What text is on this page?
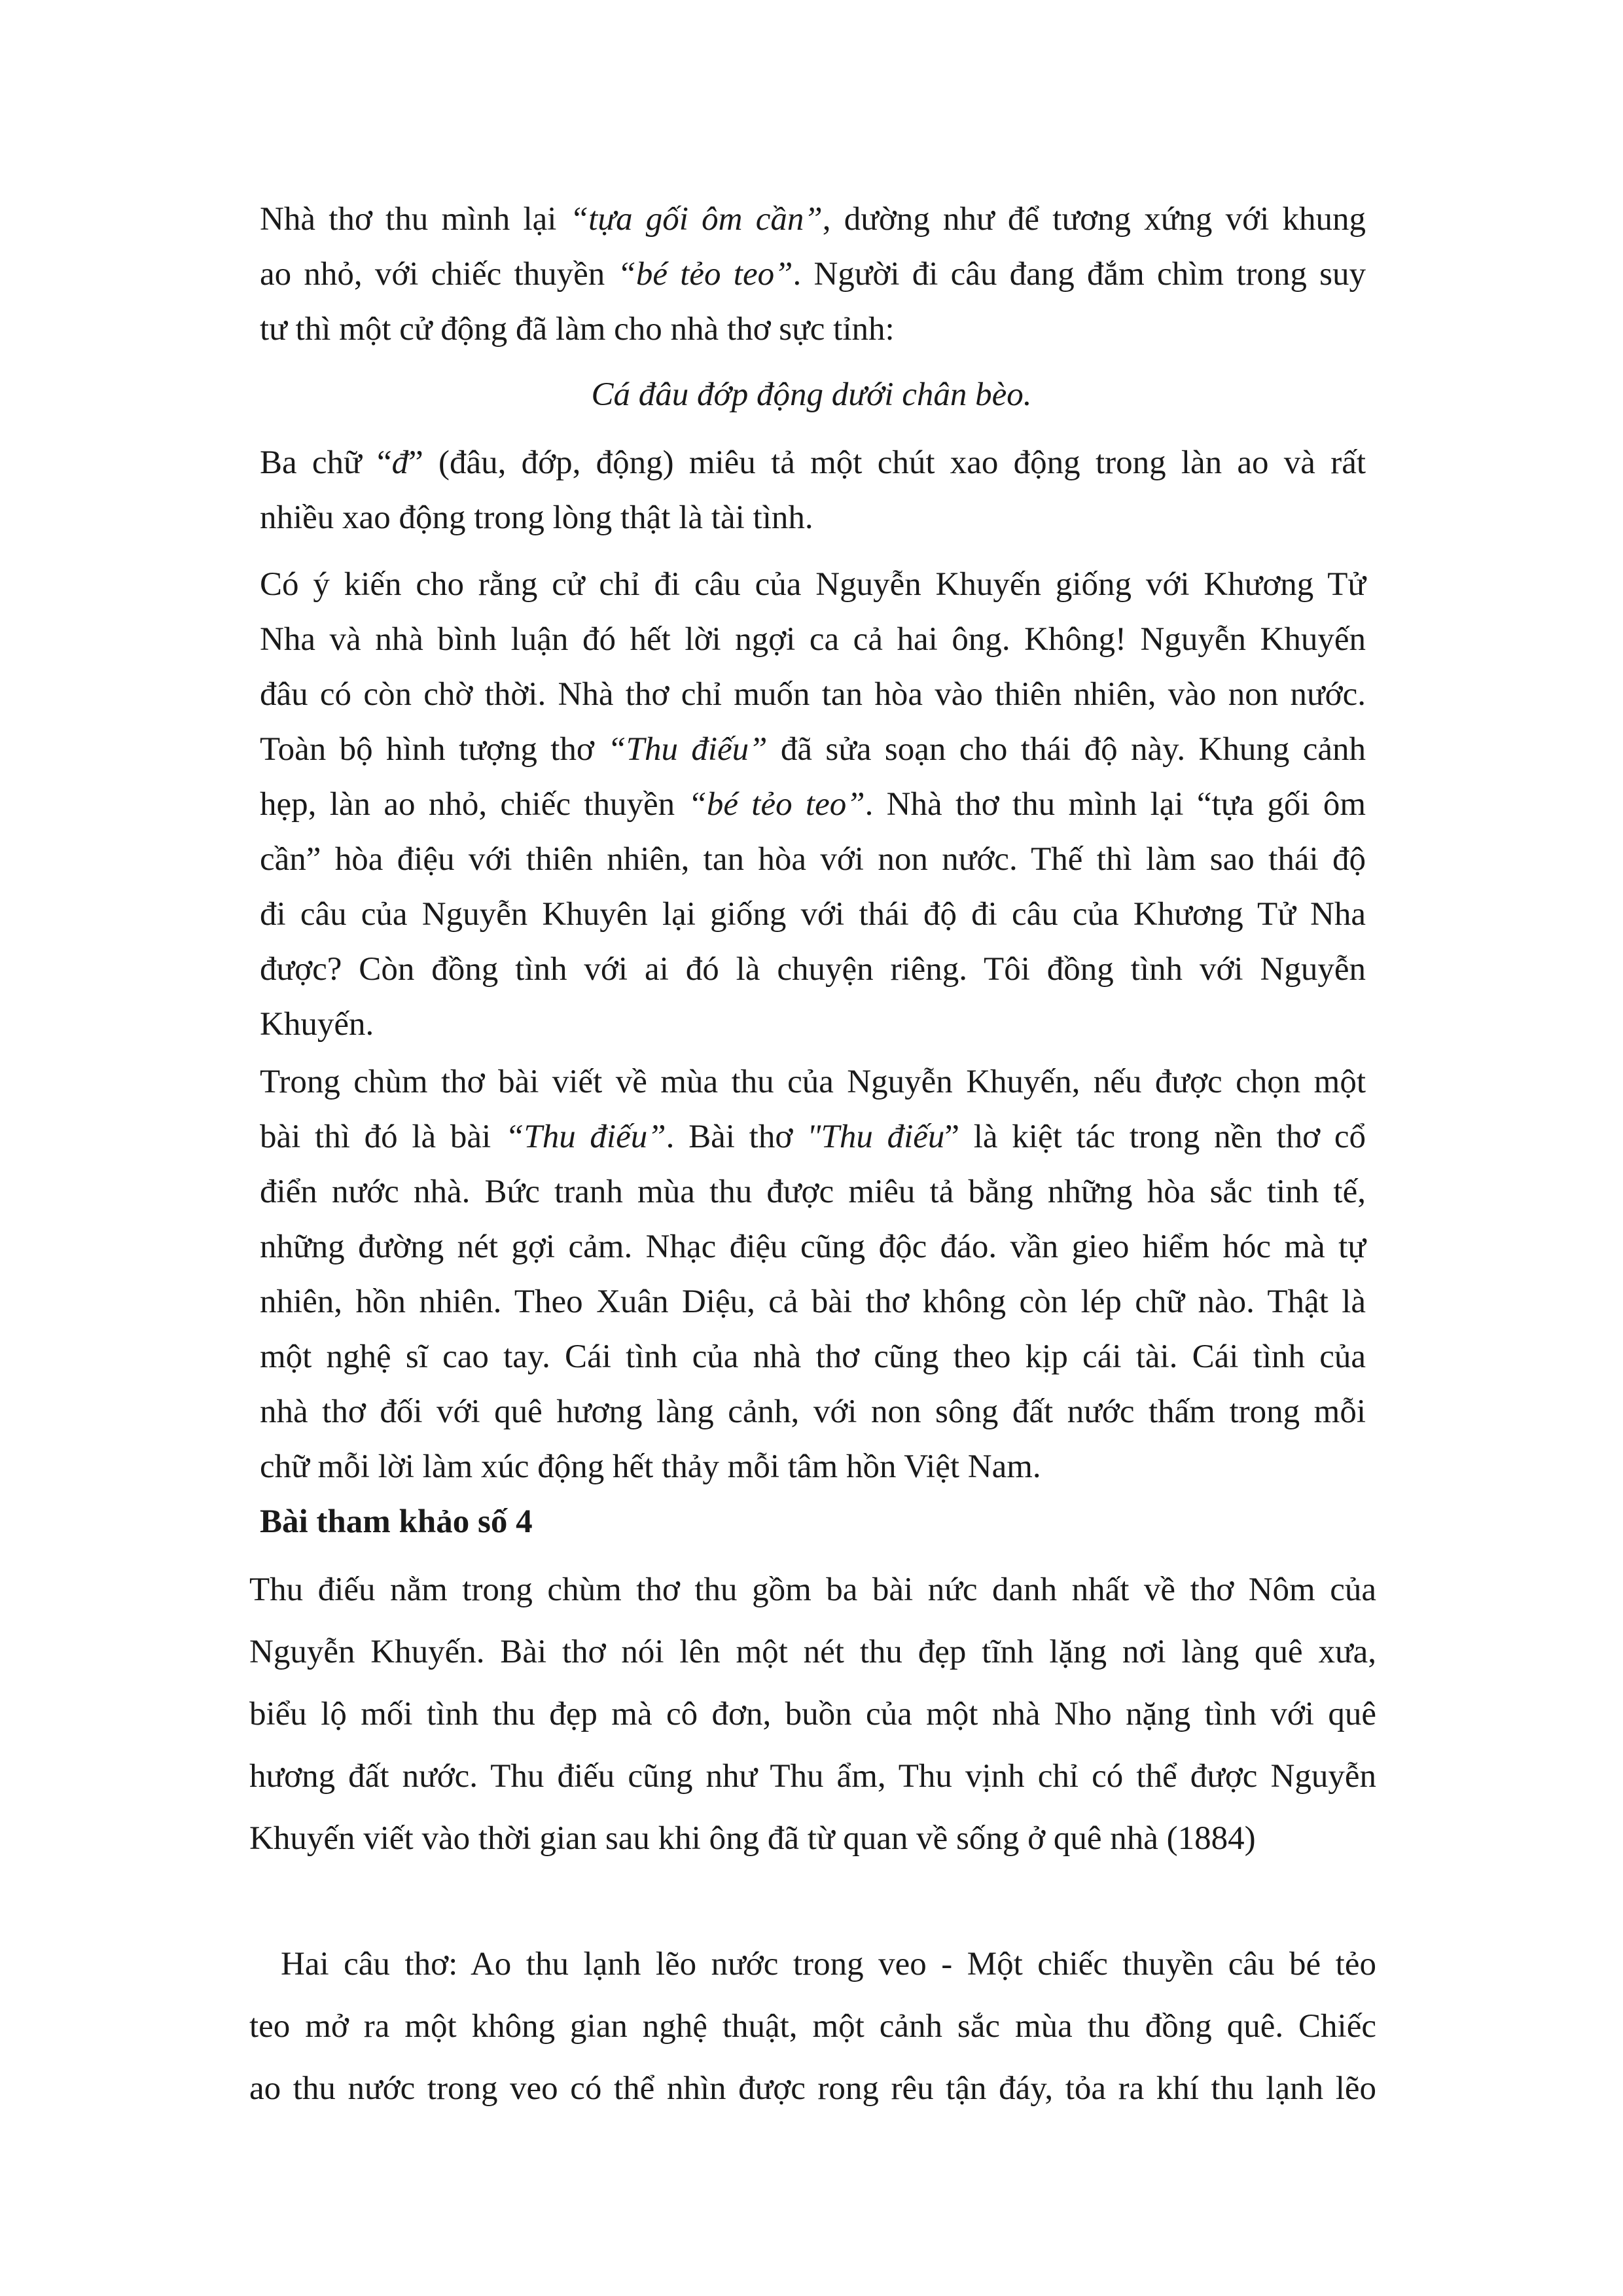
Nhà thơ thu mình lại “tựa gối ôm cần”, dường như để tương xứng với khung
ao nhỏ, với chiếc thuyền “bé tẻo teo”. Người đi câu đang đắm chìm trong suy
tư thì một cử động đã làm cho nhà thơ sực tỉnh:
Cá đâu đớp động dưới chân bèo.
Ba chữ “đ” (đâu, đớp, động) miêu tả một chút xao động trong làn ao và rất
nhiều xao động trong lòng thật là tài tình.
Có ý kiến cho rằng cử chỉ đi câu của Nguyễn Khuyến giống với Khương Tử
Nha và nhà bình luận đó hết lời ngợi ca cả hai ông. Không! Nguyễn Khuyến
đâu có còn chờ thời. Nhà thơ chỉ muốn tan hòa vào thiên nhiên, vào non nước.
Toàn bộ hình tượng thơ “Thu điếu” đã sửa soạn cho thái độ này. Khung cảnh
hẹp, làn ao nhỏ, chiếc thuyền “bé tẻo teo”. Nhà thơ thu mình lại “tựa gối ôm
cần” hòa điệu với thiên nhiên, tan hòa với non nước. Thế thì làm sao thái độ
đi câu của Nguyễn Khuyên lại giống với thái độ đi câu của Khương Tử Nha
được? Còn đồng tình với ai đó là chuyện riêng. Tôi đồng tình với Nguyễn
Khuyến.
Trong chùm thơ bài viết về mùa thu của Nguyễn Khuyến, nếu được chọn một
bài thì đó là bài “Thu điếu”. Bài thơ "Thu điếu” là kiệt tác trong nền thơ cổ
điển nước nhà. Bức tranh mùa thu được miêu tả bằng những hòa sắc tinh tế,
những đường nét gợi cảm. Nhạc điệu cũng độc đáo. vần gieo hiểm hóc mà tự
nhiên, hồn nhiên. Theo Xuân Diệu, cả bài thơ không còn lép chữ nào. Thật là
một nghệ sĩ cao tay. Cái tình của nhà thơ cũng theo kịp cái tài. Cái tình của
nhà thơ đối với quê hương làng cảnh, với non sông đất nước thấm trong mỗi
chữ mỗi lời làm xúc động hết thảy mỗi tâm hồn Việt Nam.
Bài tham khảo số 4
Thu điếu nằm trong chùm thơ thu gồm ba bài nức danh nhất về thơ Nôm của
Nguyễn Khuyến. Bài thơ nói lên một nét thu đẹp tĩnh lặng nơi làng quê xưa,
biểu lộ mối tình thu đẹp mà cô đơn, buồn của một nhà Nho nặng tình với quê
hương đất nước. Thu điếu cũng như Thu ẩm, Thu vịnh chỉ có thể được Nguyễn
Khuyến viết vào thời gian sau khi ông đã từ quan về sống ở quê nhà (1884)
Hai câu thơ: Ao thu lạnh lẽo nước trong veo - Một chiếc thuyền câu bé tẻo
teo mở ra một không gian nghệ thuật, một cảnh sắc mùa thu đồng quê. Chiếc
ao thu nước trong veo có thể nhìn được rong rêu tận đáy, tỏa ra khí thu lạnh lẽo
